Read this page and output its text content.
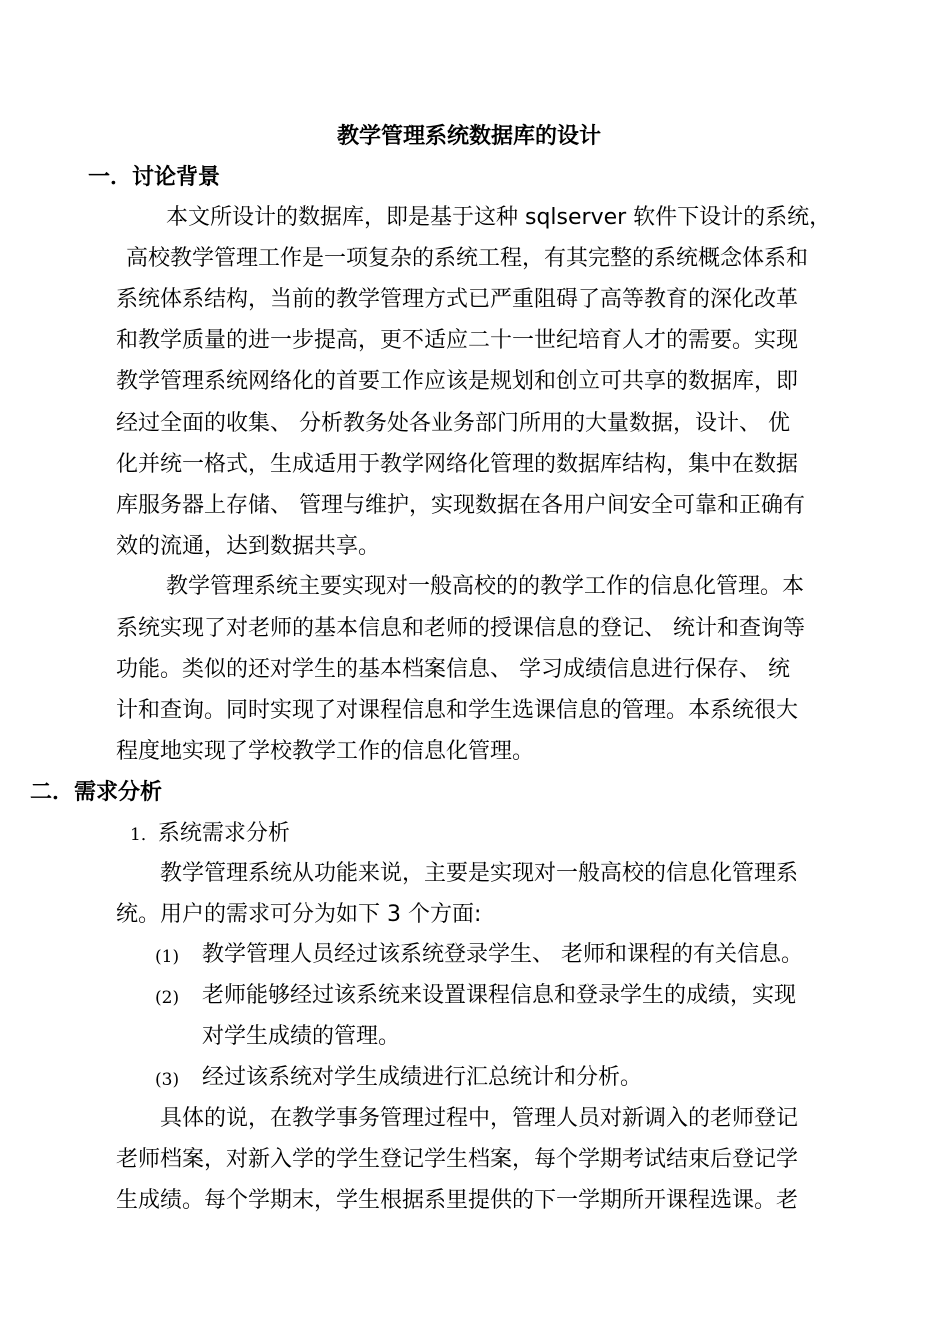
教学管理系统数据库的设计
一．讨论背景
本文所设计的数据库，即是基于这种 sqlserver 软件下设计的系统，
高校教学管理工作是一项复杂的系统工程，有其完整的系统概念体系和
系统体系结构，当前的教学管理方式已严重阻碍了高等教育的深化改革
和教学质量的进一步提高，更不适应二十一世纪培育人才的需要。实现
教学管理系统网络化的首要工作应该是规划和创立可共享的数据库，即
经过全面的收集、 分析教务处各业务部门所用的大量数据，设计、 优
化并统一格式，生成适用于教学网络化管理的数据库结构，集中在数据
库服务器上存储、 管理与维护，实现数据在各用户间安全可靠和正确有
效的流通，达到数据共享。
教学管理系统主要实现对一般高校的的教学工作的信息化管理。本
系统实现了对老师的基本信息和老师的授课信息的登记、 统计和查询等
功能。类似的还对学生的基本档案信息、 学习成绩信息进行保存、 统
计和查询。同时实现了对课程信息和学生选课信息的管理。本系统很大
程度地实现了学校教学工作的信息化管理。
二．需求分析
1．系统需求分析
教学管理系统从功能来说，主要是实现对一般高校的信息化管理系
统。用户的需求可分为如下 3 个方面:
(1) 教学管理人员经过该系统登录学生、 老师和课程的有关信息。
(2) 老师能够经过该系统来设置课程信息和登录学生的成绩，实现
对学生成绩的管理。
(3) 经过该系统对学生成绩进行汇总统计和分析。
具体的说，在教学事务管理过程中，管理人员对新调入的老师登记
老师档案，对新入学的学生登记学生档案，每个学期考试结束后登记学
生成绩。每个学期末，学生根据系里提供的下一学期所开课程选课。老
